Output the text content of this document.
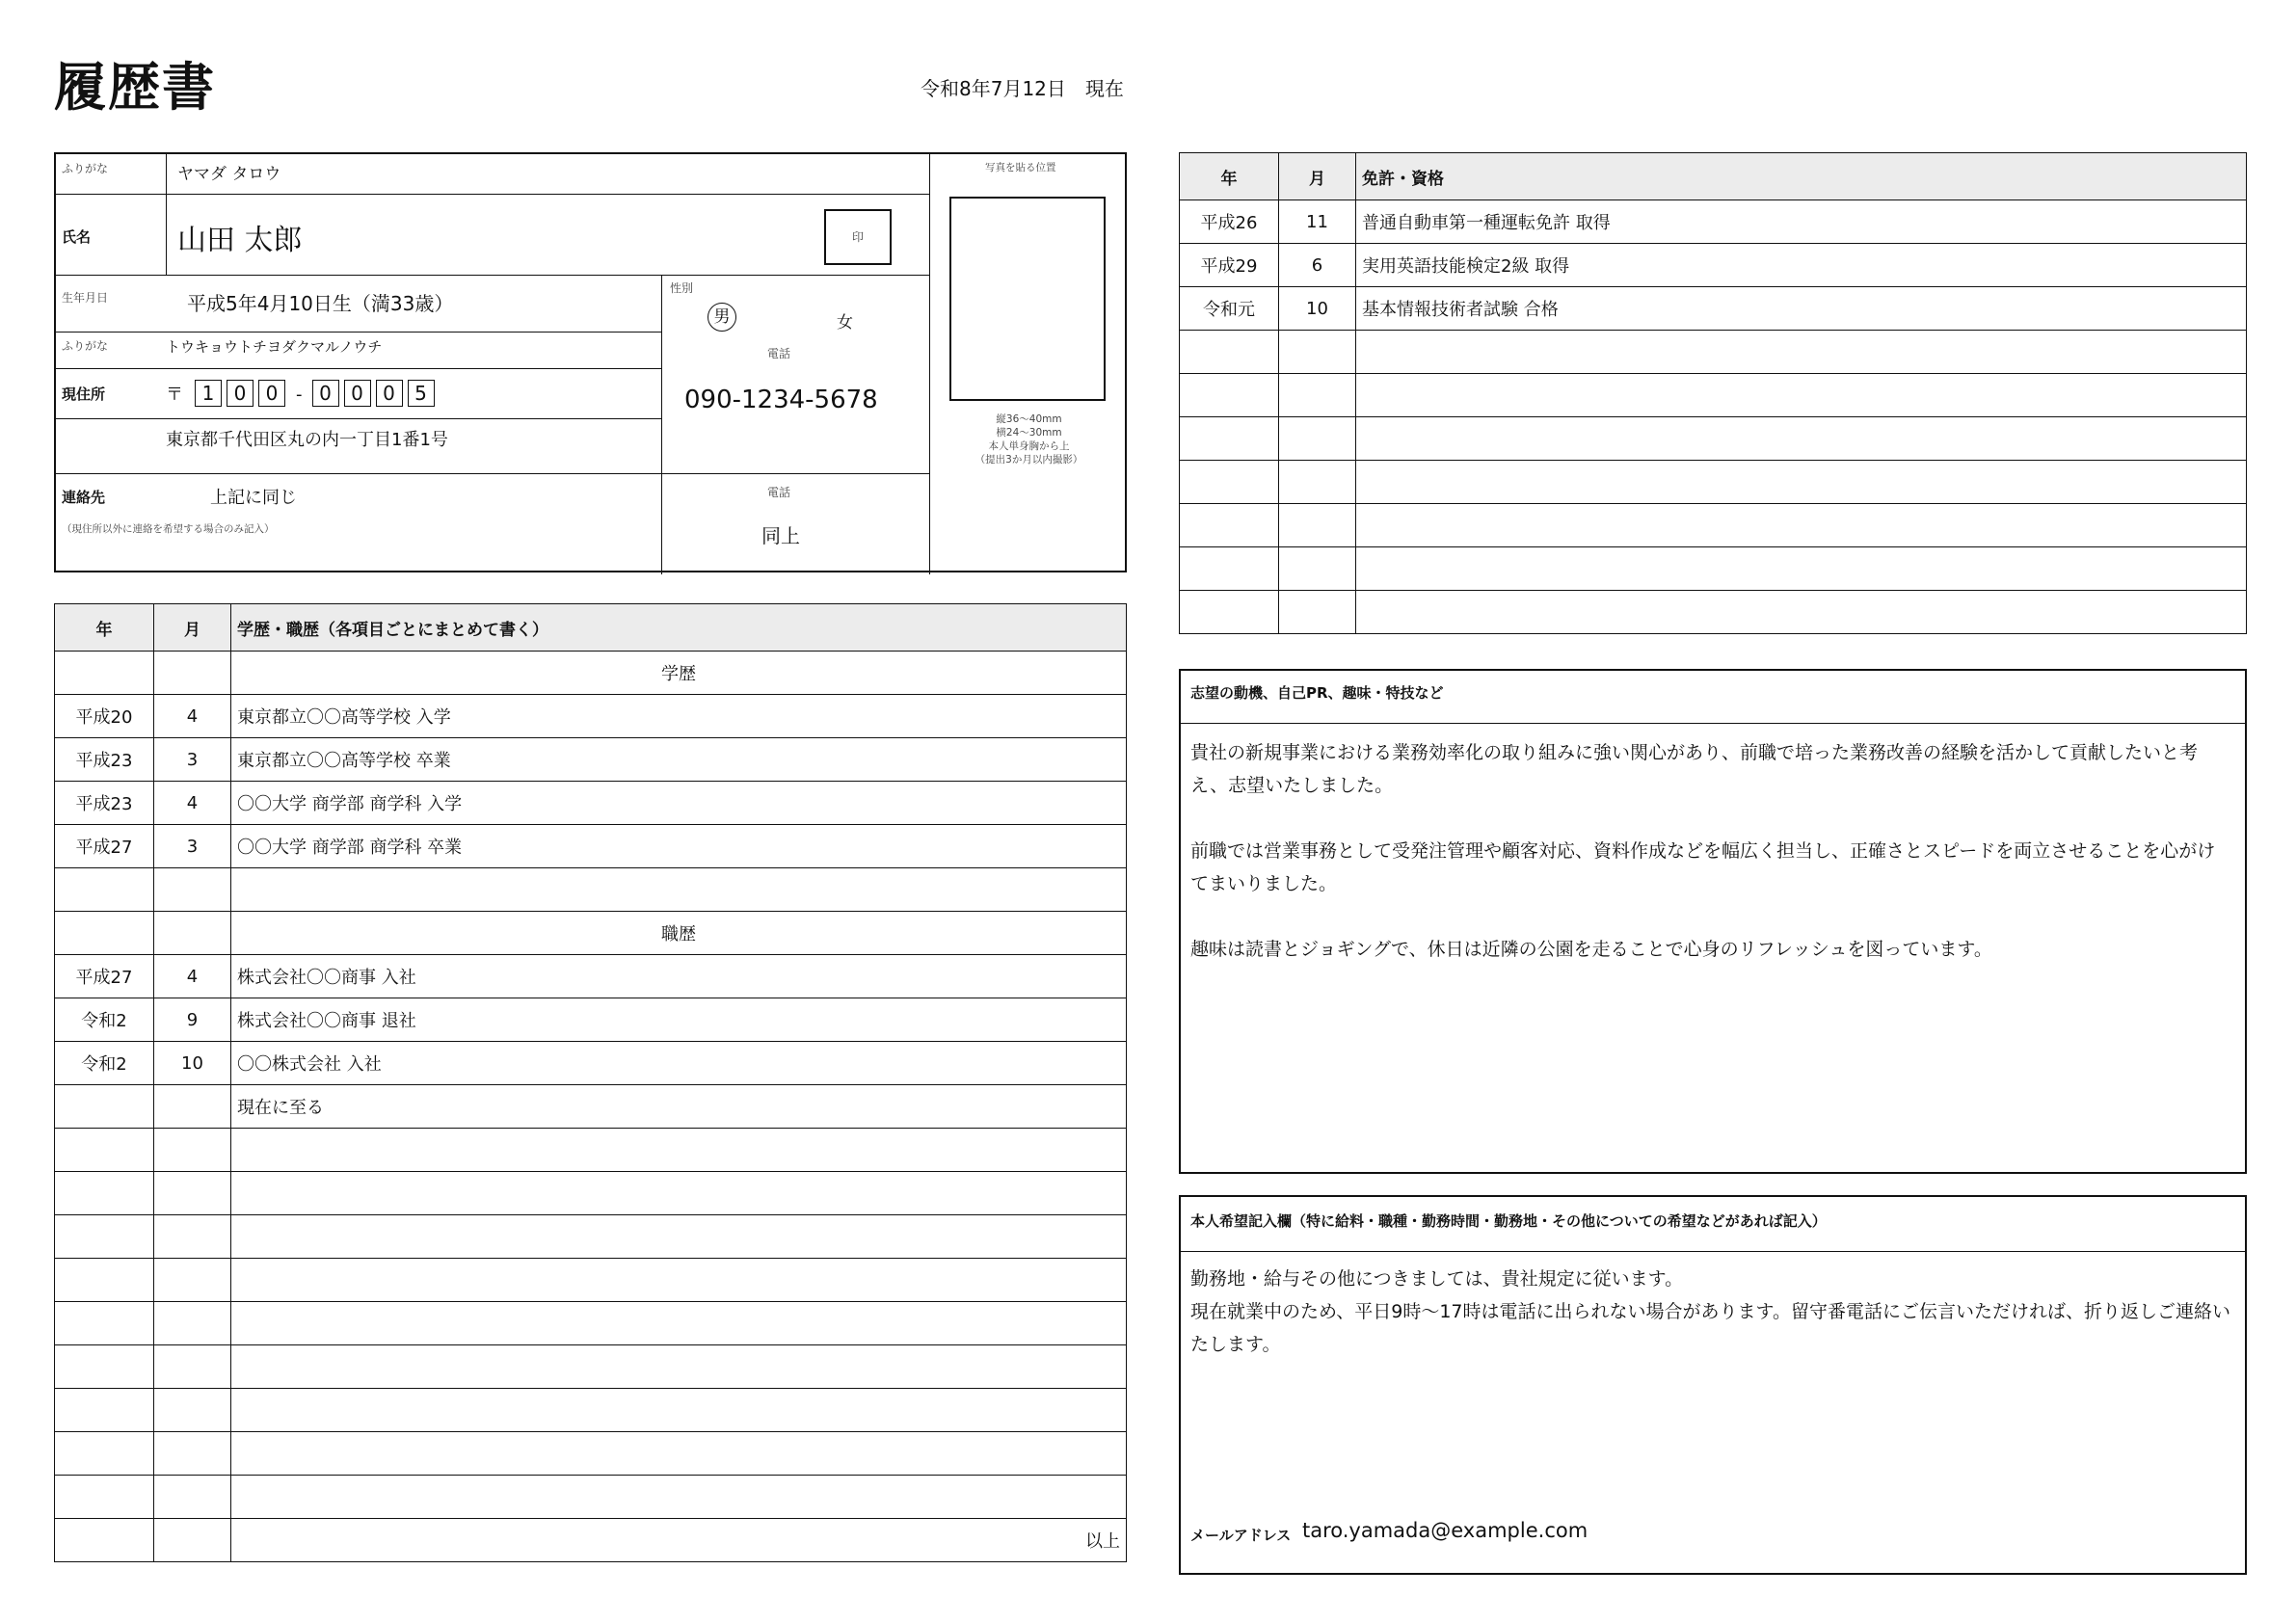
履歴書	令和8年7月12日　現在
ふりがな	ヤマダ タロウ
氏名	山田 太郎	印
生年月日	平成5年4月10日生（満33歳）
性別
男	女
ふりがな	トウキョウトチヨダクマルノウチ
現住所	〒 1 0 0 - 0 0 0 5
東京都千代田区丸の内一丁目1番1号
電話
090-1234-5678
連絡先	上記に同じ
（現住所以外に連絡を希望する場合のみ記入）
電話
同上
写真を貼る位置
縦36～40mm
横24～30mm
本人単身胸から上
（提出3か月以内撮影）
年	月	学歴・職歴（各項目ごとにまとめて書く）
		学歴
平成20	4	東京都立〇〇高等学校 入学
平成23	3	東京都立〇〇高等学校 卒業
平成23	4	〇〇大学 商学部 商学科 入学
平成27	3	〇〇大学 商学部 商学科 卒業

		職歴
平成27	4	株式会社〇〇商事 入社
令和2	9	株式会社〇〇商事 退社
令和2	10	〇〇株式会社 入社
		現在に至る

		以上
年	月	免許・資格
平成26	11	普通自動車第一種運転免許 取得
平成29	6	実用英語技能検定2級 取得
令和元	10	基本情報技術者試験 合格

志望の動機、自己PR、趣味・特技など
貴社の新規事業における業務効率化の取り組みに強い関心があり、前職で培った業務改善の経験を活かして貢献したいと考え、志望いたしました。
前職では営業事務として受発注管理や顧客対応、資料作成などを幅広く担当し、正確さとスピードを両立させることを心がけてまいりました。
趣味は読書とジョギングで、休日は近隣の公園を走ることで心身のリフレッシュを図っています。
本人希望記入欄（特に給料・職種・勤務時間・勤務地・その他についての希望などがあれば記入）
勤務地・給与その他につきましては、貴社規定に従います。
現在就業中のため、平日9時～17時は電話に出られない場合があります。留守番電話にご伝言いただければ、折り返しご連絡いたします。
メールアドレス taro.yamada@example.com
